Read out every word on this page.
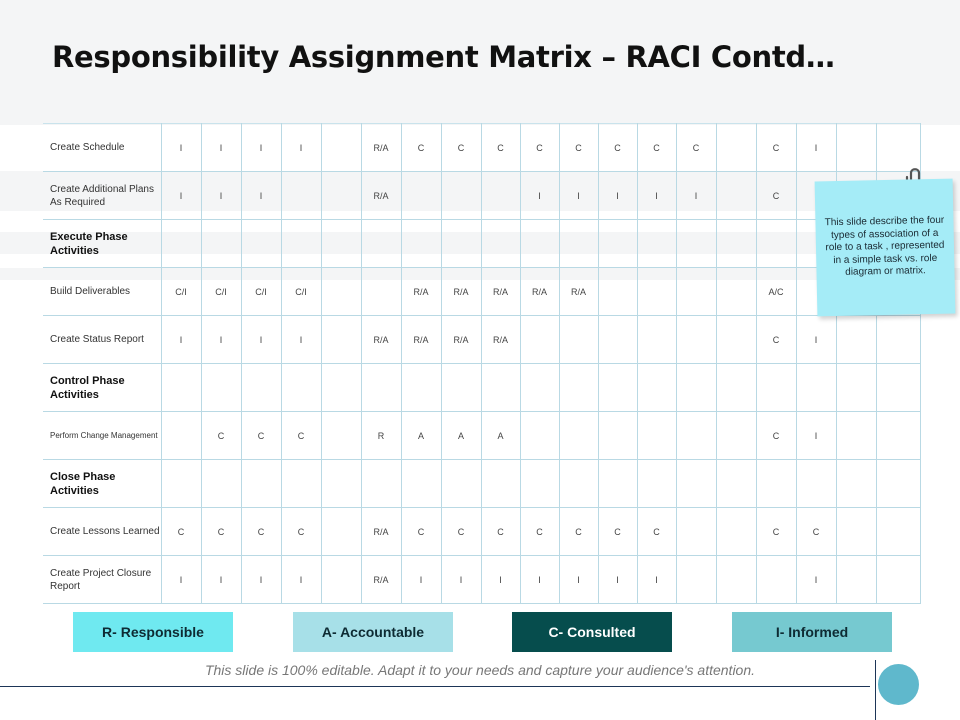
Responsibility Assignment Matrix – RACI Contd…
Create Schedule	I	I	I	I		R/A	C	C	C	C	C	C	C	C		C	I		
Create Additional Plans As Required	I	I	I			R/A				I	I	I	I	I		C			
Execute Phase Activities																			
Build Deliverables	C/I	C/I	C/I	C/I			R/A	R/A	R/A	R/A	R/A					A/C			
Create Status Report	I	I	I	I		R/A	R/A	R/A	R/A							C	I		
Control Phase Activities																			
Perform Change Management		C	C	C		R	A	A	A							C	I		
Close Phase Activities																			
Create Lessons Learned	C	C	C	C		R/A	C	C	C	C	C	C	C			C	C		
Create Project Closure Report	I	I	I	I		R/A	I	I	I	I	I	I	I				I		
This slide describe the four types of association of a role to a task , represented in a simple task vs. role diagram or matrix.
R- Responsible	A- Accountable	C- Consulted	I- Informed
This slide is 100% editable. Adapt it to your needs and capture your audience's attention.
